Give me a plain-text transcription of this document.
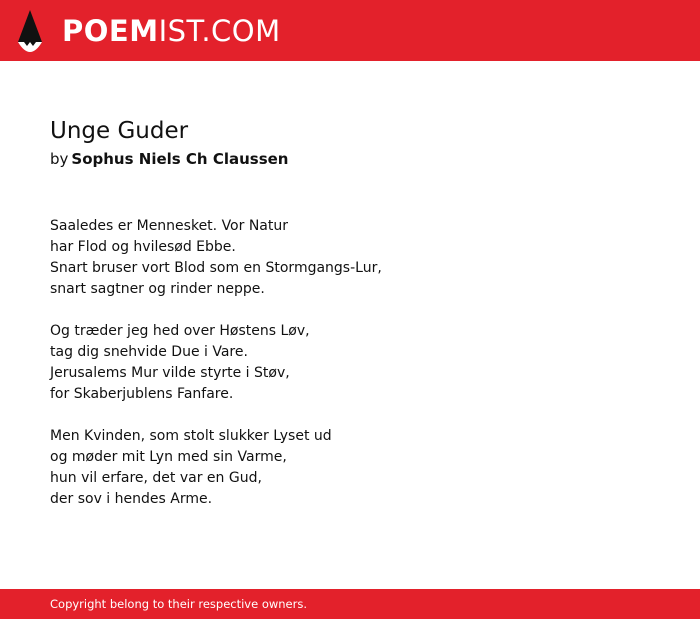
POEMIST.COM
Unge Guder
by Sophus Niels Ch Claussen

Saaledes er Mennesket. Vor Natur
har Flod og hvilesød Ebbe.
Snart bruser vort Blod som en Stormgangs-Lur,
snart sagtner og rinder neppe.

Og træder jeg hed over Høstens Løv,
tag dig snehvide Due i Vare.
Jerusalems Mur vilde styrte i Støv,
for Skaberjublens Fanfare.

Men Kvinden, som stolt slukker Lyset ud
og møder mit Lyn med sin Varme,
hun vil erfare, det var en Gud,
der sov i hendes Arme.

Copyright belong to their respective owners.
